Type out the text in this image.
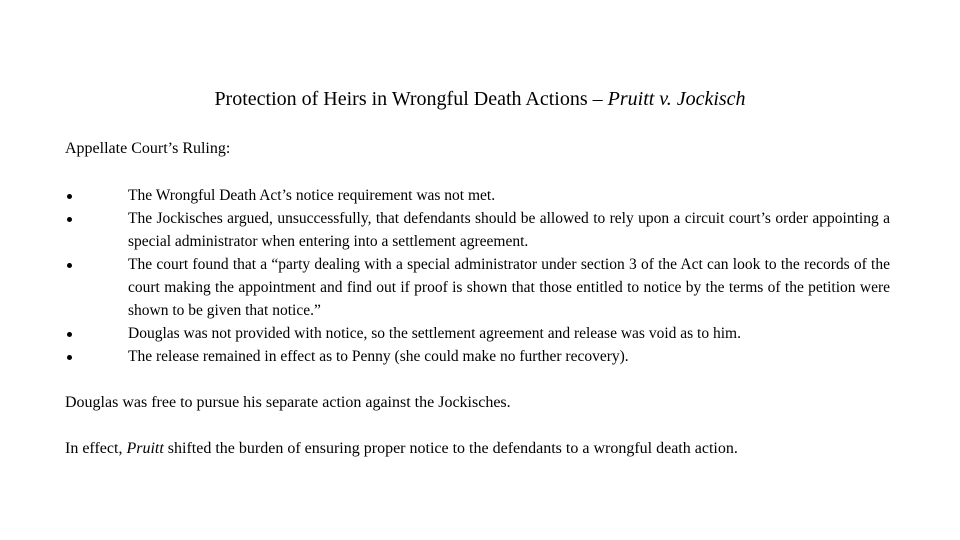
Protection of Heirs in Wrongful Death Actions – Pruitt v. Jockisch
Appellate Court’s Ruling:
The Wrongful Death Act’s notice requirement was not met.
The Jockisches argued, unsuccessfully, that defendants should be allowed to rely upon a circuit court’s order appointing a special administrator when entering into a settlement agreement.
The court found that a “party dealing with a special administrator under section 3 of the Act can look to the records of the court making the appointment and find out if proof is shown that those entitled to notice by the terms of the petition were shown to be given that notice.”
Douglas was not provided with notice, so the settlement agreement and release was void as to him.
The release remained in effect as to Penny (she could make no further recovery).
Douglas was free to pursue his separate action against the Jockisches.
In effect, Pruitt shifted the burden of ensuring proper notice to the defendants to a wrongful death action.
